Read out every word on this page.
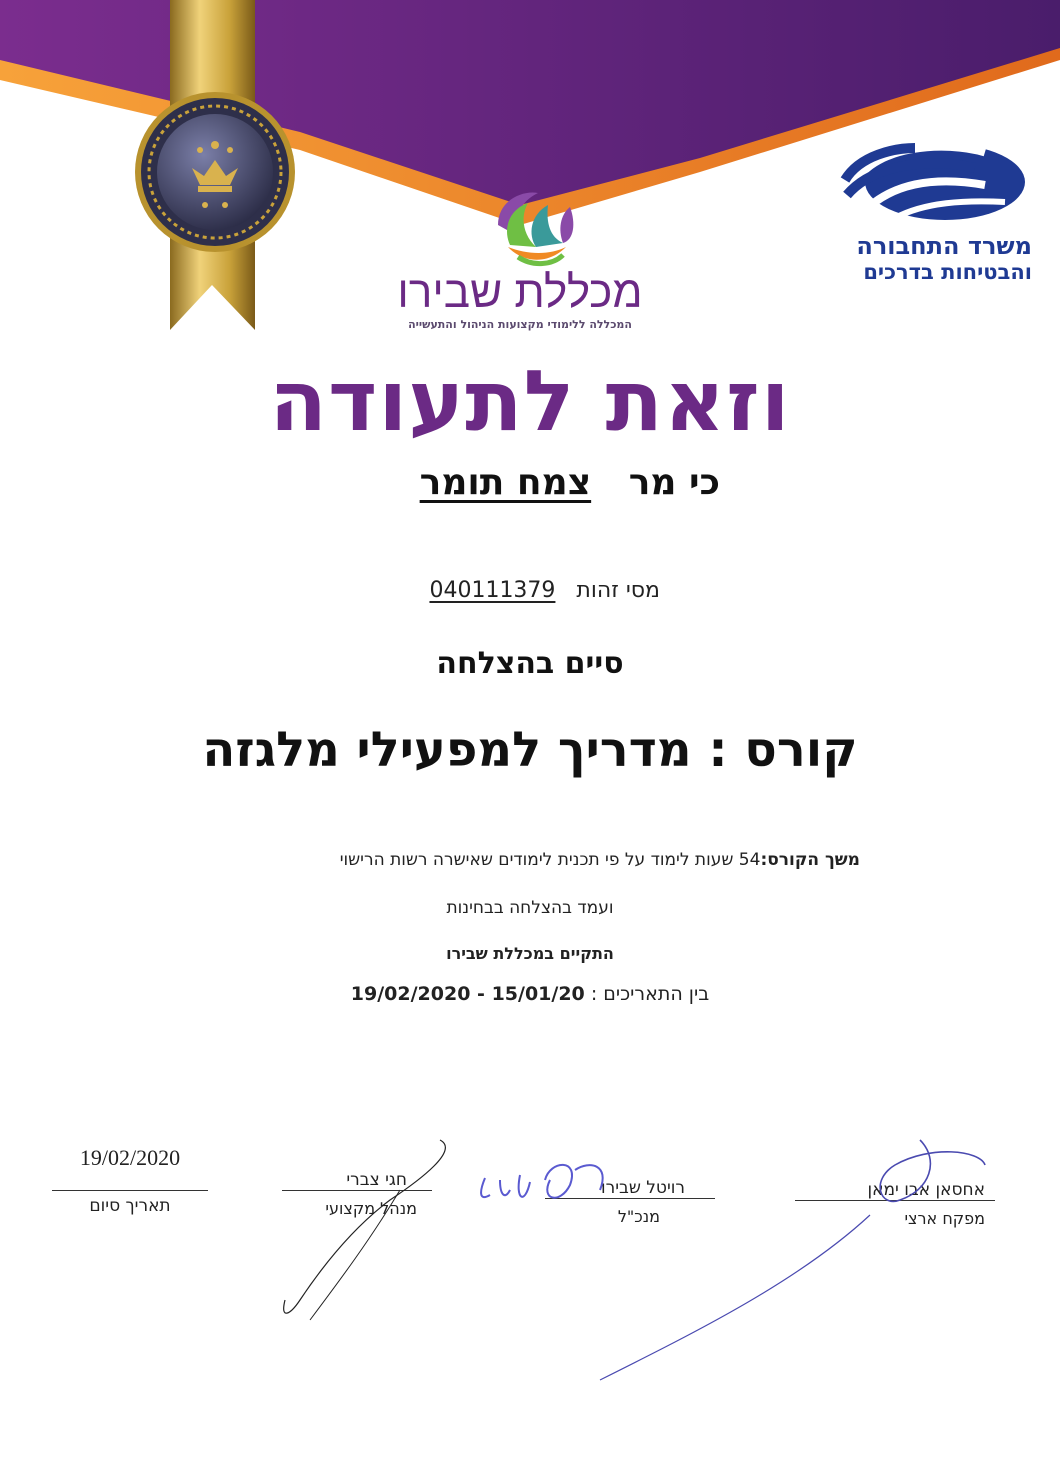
משרד התחבורה
והבטיחות בדרכים
מכללת שבירו
המכללה ללימודי מקצועות הניהול והתעשייה
וזאת לתעודה
כי מר   צמח תומר
מסי זהות   040111379
סיים בהצלחה
קורס : מדריך למפעילי מלגזה
משך הקורס:54 שעות לימוד על פי תכנית לימודים שאישרה רשות הרישוי
ועמד בהצלחה בבחינות
התקיים במכללת שבירו
בין התאריכים : 15/01/20 - 19/02/2020
אחסאן אבו ימאן
מפקח ארצי
רויטל שבירו
מנכ"ל
חגי צברי
מנהל מקצועי
19/02/2020
תאריך סיום
